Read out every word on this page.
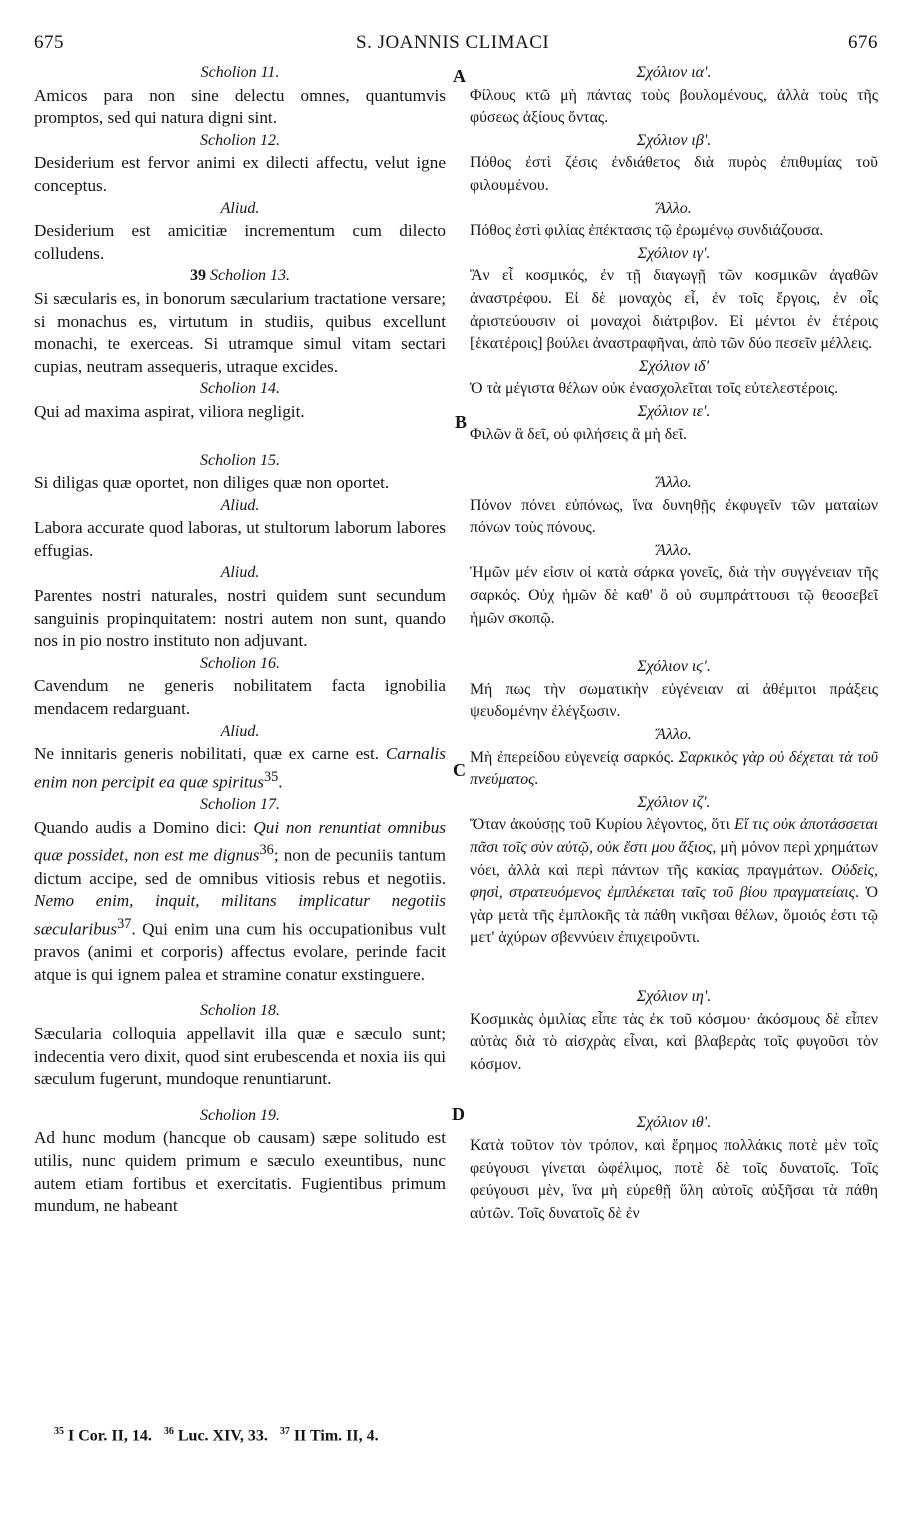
675	S. JOANNIS CLIMACI	676
A
B
C
D

Scholion 11.

Amicos para non sine delectu omnes, quantumvis promptos, sed qui natura digni sint.

Scholion 12.

Desiderium est fervor animi ex dilecti affectu, velut igne conceptus.

Aliud.

Desiderium est amicitiæ incrementum cum dilecto colludens.

39 Scholion 13.

Si sæcularis es, in bonorum sæcularium tractatione versare; si monachus es, virtutum in studiis, quibus excellunt monachi, te exerceas. Si utramque simul vitam sectari cupias, neutram assequeris, utraque excides.

Scholion 14.

Qui ad maxima aspirat, viliora negligit.

Scholion 15.

Si diligas quæ oportet, non diliges quæ non oportet.

Aliud.

Labora accurate quod laboras, ut stultorum laborum labores effugias.

Aliud.

Parentes nostri naturales, nostri quidem sunt secundum sanguinis propinquitatem: nostri autem non sunt, quando nos in pio nostro instituto non adjuvant.

Scholion 16.

Cavendum ne generis nobilitatem facta ignobilia mendacem redarguant.

Aliud.

Ne innitaris generis nobilitati, quæ ex carne est. Carnalis enim non percipit ea quæ spiritus$^{35}$.

Scholion 17.

Quando audis a Domino dici: Qui non renuntiat omnibus quæ possidet, non est me dignus$^{36}$; non de pecuniis tantum dictum accipe, sed de omnibus vitiosis rebus et negotiis. Nemo enim, inquit, militans implicatur negotiis sæcularibus$^{37}$. Qui enim una cum his occupationibus vult pravos (animi et corporis) affectus evolare, perinde facit atque is qui ignem palea et stramine conatur exstinguere.

Scholion 18.

Sæcularia colloquia appellavit illa quæ e sæculo sunt; indecentia vero dixit, quod sint erubescenda et noxia iis qui sæculum fugerunt, mundoque renuntiarunt.

Scholion 19.

Ad hunc modum (hancque ob causam) sæpe solitudo est utilis, nunc quidem primum e sæculo exeuntibus, nunc autem etiam fortibus et exercitatis. Fugientibus primum mundum, ne habeant

Σχόλιον ια'.

Φίλους κτῶ μὴ πάντας τοὺς βουλομένους, ἀλλὰ τοὺς τῆς φύσεως ἀξίους ὄντας.

Σχόλιον ιβ'.

Πόθος ἐστὶ ζέσις ἐνδιάθετος διὰ πυρὸς ἐπιθυμίας τοῦ φιλουμένου.

Ἄλλο.

Πόθος ἐστὶ φιλίας ἐπέκτασις τῷ ἐρωμένῳ συνδιάζουσα.

Σχόλιον ιγ'.

Ἂν εἶ κοσμικός, ἐν τῇ διαγωγῇ τῶν κοσμικῶν ἀγαθῶν ἀναστρέφου. Εἰ δὲ μοναχὸς εἶ, ἐν τοῖς ἔργοις, ἐν οἷς ἀριστεύουσιν οἱ μοναχοὶ διάτριβον. Εἰ μέντοι ἐν ἑτέροις [ἑκατέροις] βούλει ἀναστραφῆναι, ἀπὸ τῶν δύο πεσεῖν μέλλεις.

Σχόλιον ιδ'

Ὁ τὰ μέγιστα θέλων οὐκ ἐνασχολεῖται τοῖς εὐτελεστέροις.

Σχόλιον ιε'.

Φιλῶν ἃ δεῖ, οὐ φιλήσεις ἃ μὴ δεῖ.

Ἄλλο.

Πόνον πόνει εὐπόνως, ἵνα δυνηθῇς ἐκφυγεῖν τῶν ματαίων πόνων τοὺς πόνους.

Ἄλλο.

Ἡμῶν μέν εἰσιν οἱ κατὰ σάρκα γονεῖς, διὰ τὴν συγγένειαν τῆς σαρκός. Οὐχ ἡμῶν δὲ καθ' ὃ οὐ συμπράττουσι τῷ θεοσεβεῖ ἡμῶν σκοπῷ.

Σχόλιον ιϛ'.

Μή πως τὴν σωματικὴν εὐγένειαν αἱ ἀθέμιτοι πράξεις ψευδομένην ἐλέγξωσιν.

Ἄλλο.

Μὴ ἐπερείδου εὐγενείᾳ σαρκός. Σαρκικὸς γὰρ οὐ δέχεται τὰ τοῦ πνεύματος.

Σχόλιον ιζ'.

Ὅταν ἀκούσῃς τοῦ Κυρίου λέγοντος, ὅτι Εἴ τις οὐκ ἀποτάσσεται πᾶσι τοῖς σὺν αὐτῷ, οὐκ ἔστι μου ἄξιος, μὴ μόνον περὶ χρημάτων νόει, ἀλλὰ καὶ περὶ πάντων τῆς κακίας πραγμάτων. Οὐδεὶς, φησὶ, στρατευόμενος ἐμπλέκεται ταῖς τοῦ βίου πραγματείαις. Ὁ γὰρ μετὰ τῆς ἐμπλοκῆς τὰ πάθη νικῆσαι θέλων, ὅμοιός ἐστι τῷ μετ' ἀχύρων σβεννύειν ἐπιχειροῦντι.

Σχόλιον ιη'.

Κοσμικὰς ὁμιλίας εἶπε τὰς ἐκ τοῦ κόσμου· ἀκόσμους δὲ εἶπεν αὐτὰς διὰ τὸ αἰσχρὰς εἶναι, καὶ βλαβερὰς τοῖς φυγοῦσι τὸν κόσμον.

Σχόλιον ιθ'.

Κατὰ τοῦτον τὸν τρόπον, καὶ ἔρημος πολλάκις ποτὲ μὲν τοῖς φεύγουσι γίνεται ὠφέλιμος, ποτὲ δὲ τοῖς δυνατοῖς. Τοῖς φεύγουσι μὲν, ἵνα μὴ εὑρεθῇ ὕλη αὐτοῖς αὐξῆσαι τὰ πάθη αὐτῶν. Τοῖς δυνατοῖς δὲ ἐν

$^{35}$ I Cor. II, 14. $^{36}$ Luc. XIV, 33. $^{37}$ II Tim. II, 4.
